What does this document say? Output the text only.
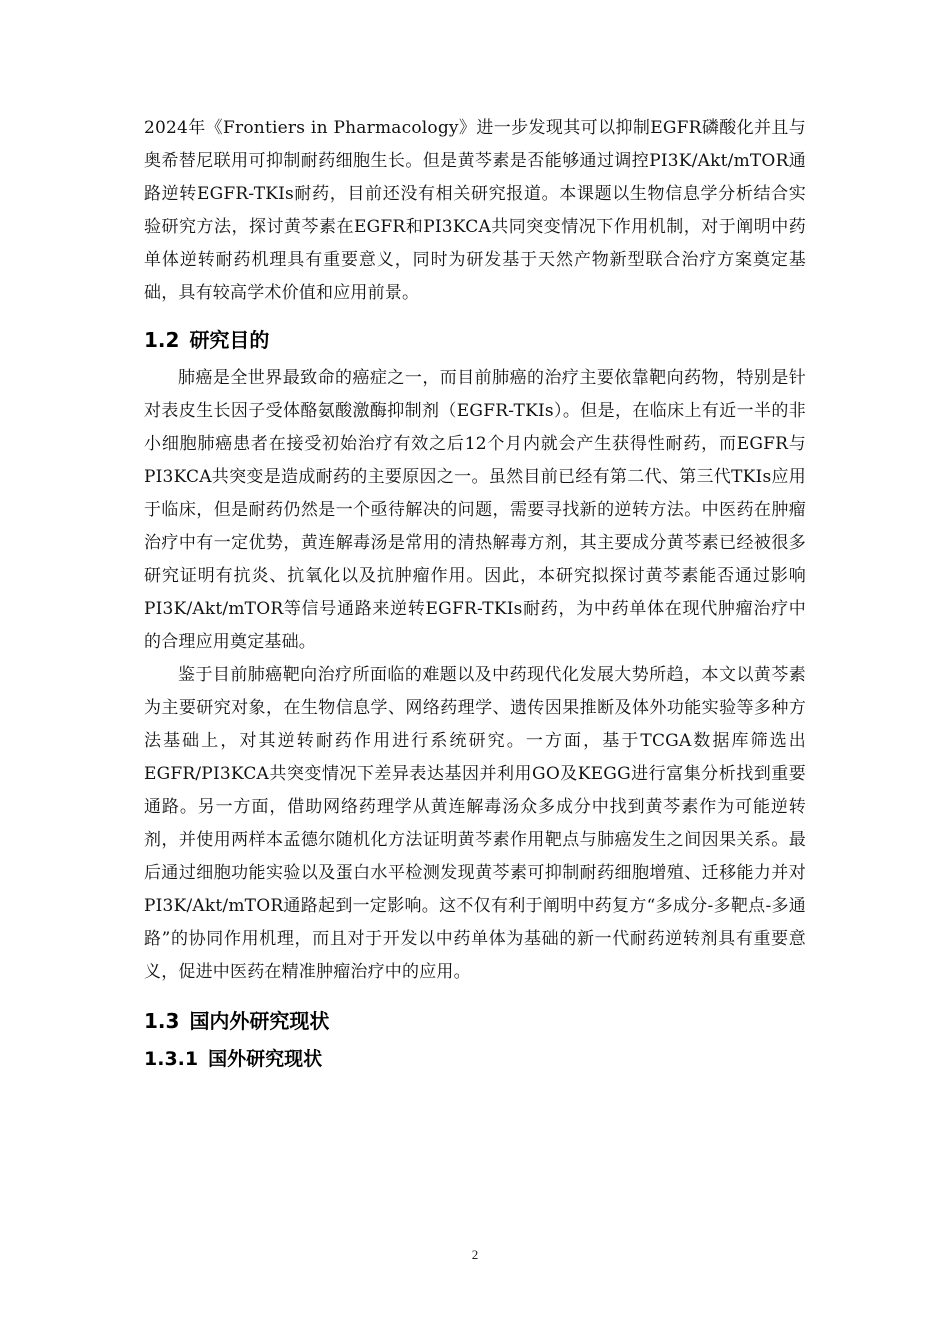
2024年《Frontiers in Pharmacology》进一步发现其可以抑制EGFR磷酸化并且与奥希替尼联用可抑制耐药细胞生长。但是黄芩素是否能够通过调控PI3K/Akt/mTOR通路逆转EGFR-TKIs耐药，目前还没有相关研究报道。本课题以生物信息学分析结合实验研究方法，探讨黄芩素在EGFR和PI3KCA共同突变情况下作用机制，对于阐明中药单体逆转耐药机理具有重要意义，同时为研发基于天然产物新型联合治疗方案奠定基础，具有较高学术价值和应用前景。

1.2 研究目的

肺癌是全世界最致命的癌症之一，而目前肺癌的治疗主要依靠靶向药物，特别是针对表皮生长因子受体酪氨酸激酶抑制剂（EGFR-TKIs）。但是，在临床上有近一半的非小细胞肺癌患者在接受初始治疗有效之后12个月内就会产生获得性耐药，而EGFR与PI3KCA共突变是造成耐药的主要原因之一。虽然目前已经有第二代、第三代TKIs应用于临床，但是耐药仍然是一个亟待解决的问题，需要寻找新的逆转方法。中医药在肿瘤治疗中有一定优势，黄连解毒汤是常用的清热解毒方剂，其主要成分黄芩素已经被很多研究证明有抗炎、抗氧化以及抗肿瘤作用。因此，本研究拟探讨黄芩素能否通过影响PI3K/Akt/mTOR等信号通路来逆转EGFR-TKIs耐药，为中药单体在现代肿瘤治疗中的合理应用奠定基础。

鉴于目前肺癌靶向治疗所面临的难题以及中药现代化发展大势所趋，本文以黄芩素为主要研究对象，在生物信息学、网络药理学、遗传因果推断及体外功能实验等多种方法基础上，对其逆转耐药作用进行系统研究。一方面，基于TCGA数据库筛选出EGFR/PI3KCA共突变情况下差异表达基因并利用GO及KEGG进行富集分析找到重要通路。另一方面，借助网络药理学从黄连解毒汤众多成分中找到黄芩素作为可能逆转剂，并使用两样本孟德尔随机化方法证明黄芩素作用靶点与肺癌发生之间因果关系。最后通过细胞功能实验以及蛋白水平检测发现黄芩素可抑制耐药细胞增殖、迁移能力并对PI3K/Akt/mTOR通路起到一定影响。这不仅有利于阐明中药复方“多成分-多靶点-多通路”的协同作用机理，而且对于开发以中药单体为基础的新一代耐药逆转剂具有重要意义，促进中医药在精准肿瘤治疗中的应用。

1.3 国内外研究现状
1.3.1 国外研究现状
2
